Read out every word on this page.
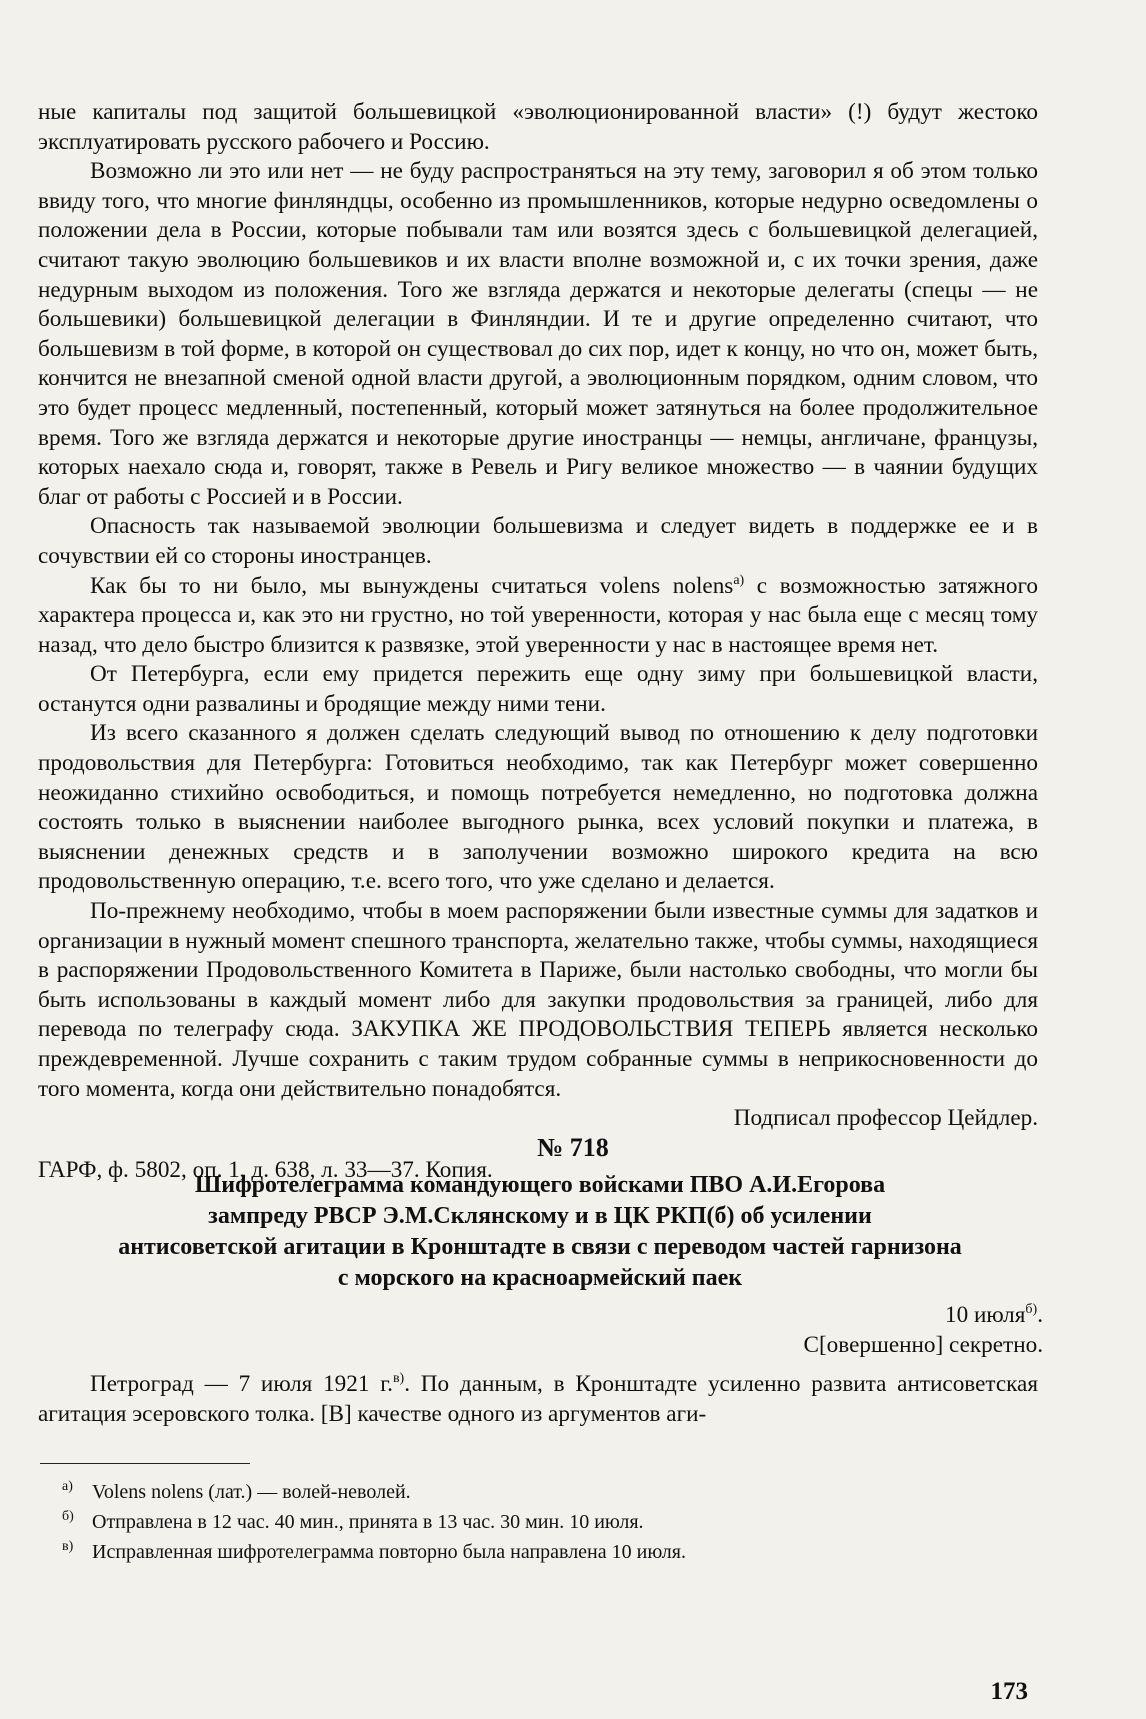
ные капиталы под защитой большевицкой «эволюционированной власти» (!) будут жестоко эксплуатировать русского рабочего и Россию.

Возможно ли это или нет — не буду распространяться на эту тему, заговорил я об этом только ввиду того, что многие финляндцы, особенно из промышленников, которые недурно осведомлены о положении дела в России, которые побывали там или возятся здесь с большевицкой делегацией, считают такую эволюцию большевиков и их власти вполне возможной и, с их точки зрения, даже недурным выходом из положения. Того же взгляда держатся и некоторые делегаты (спецы — не большевики) большевицкой делегации в Финляндии. И те и другие определенно считают, что большевизм в той форме, в которой он существовал до сих пор, идет к концу, но что он, может быть, кончится не внезапной сменой одной власти другой, а эволюционным порядком, одним словом, что это будет процесс медленный, постепенный, который может затянуться на более продолжительное время. Того же взгляда держатся и некоторые другие иностранцы — немцы, англичане, французы, которых наехало сюда и, говорят, также в Ревель и Ригу великое множество — в чаянии будущих благ от работы с Россией и в России.

Опасность так называемой эволюции большевизма и следует видеть в поддержке ее и в сочувствии ей со стороны иностранцев.

Как бы то ни было, мы вынуждены считаться volens nolens$^{а)}$ с возможностью затяжного характера процесса и, как это ни грустно, но той уверенности, которая у нас была еще с месяц тому назад, что дело быстро близится к развязке, этой уверенности у нас в настоящее время нет.

От Петербурга, если ему придется пережить еще одну зиму при большевицкой власти, останутся одни развалины и бродящие между ними тени.

Из всего сказанного я должен сделать следующий вывод по отношению к делу подготовки продовольствия для Петербурга: Готовиться необходимо, так как Петербург может совершенно неожиданно стихийно освободиться, и помощь потребуется немедленно, но подготовка должна состоять только в выяснении наиболее выгодного рынка, всех условий покупки и платежа, в выяснении денежных средств и в заполучении возможно широкого кредита на всю продовольственную операцию, т.е. всего того, что уже сделано и делается.

По-прежнему необходимо, чтобы в моем распоряжении были известные суммы для задатков и организации в нужный момент спешного транспорта, желательно также, чтобы суммы, находящиеся в распоряжении Продовольственного Комитета в Париже, были настолько свободны, что могли бы быть использованы в каждый момент либо для закупки продовольствия за границей, либо для перевода по телеграфу сюда. ЗАКУПКА ЖЕ ПРОДОВОЛЬСТВИЯ ТЕПЕРЬ является несколько преждевременной. Лучше сохранить с таким трудом собранные суммы в неприкосновенности до того момента, когда они действительно понадобятся.

Подписал профессор Цейдлер.

ГАРФ, ф. 5802, оп. 1, д. 638, л. 33—37. Копия.

№ 718
Шифротелеграмма командующего войсками ПВО А.И.Егорова
зампреду РВСР Э.М.Склянскому и в ЦК РКП(б) об усилении
антисоветской агитации в Кронштадте в связи с переводом частей гарнизона
с морского на красноармейский паек
10 июля$^{б)}$.
С[овершенно] секретно.

Петроград — 7 июля 1921 г.$^{в)}$. По данным, в Кронштадте усиленно развита антисоветская агитация эсеровского толка. [В] качестве одного из аргументов аги-

а) Volens nolens (лат.) — волей-неволей.
б) Отправлена в 12 час. 40 мин., принята в 13 час. 30 мин. 10 июля.
в) Исправленная шифротелеграмма повторно была направлена 10 июля.
173
